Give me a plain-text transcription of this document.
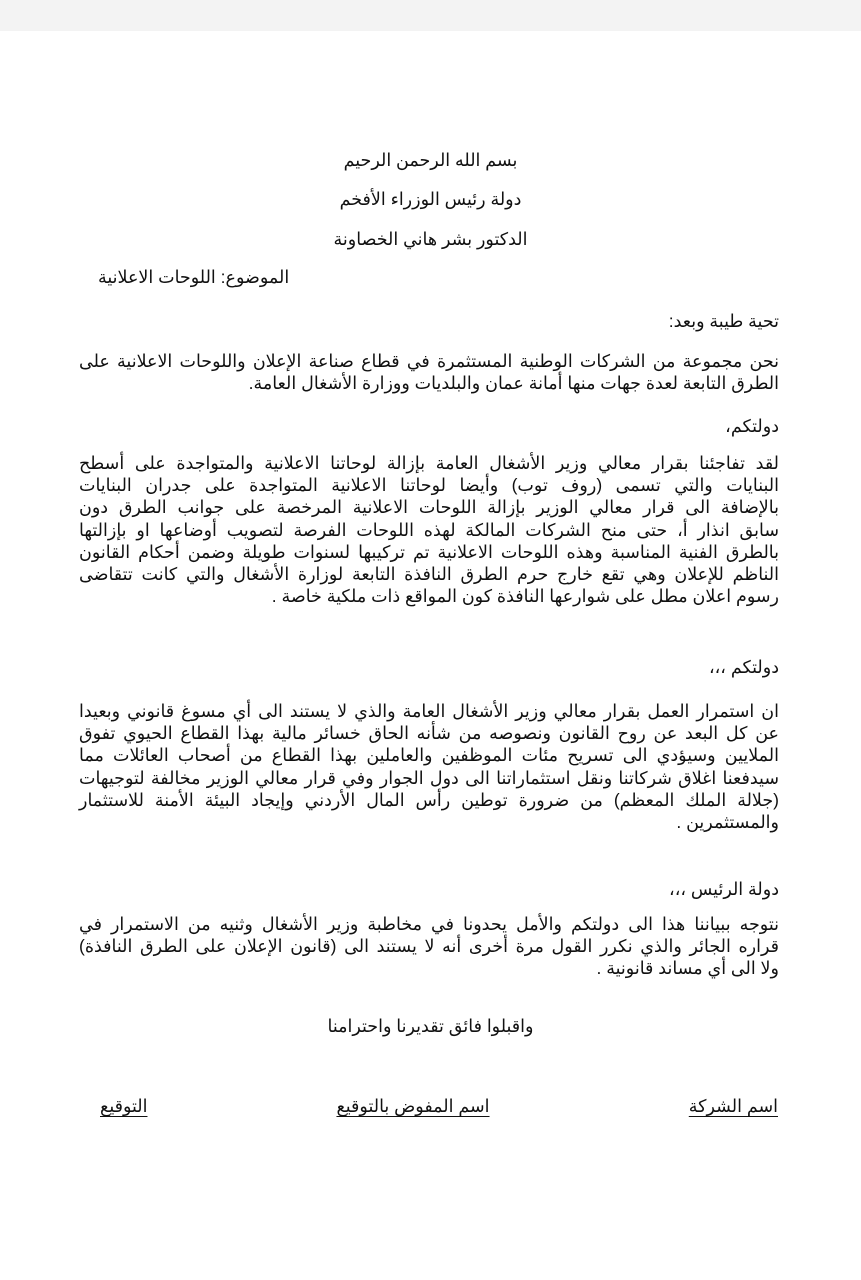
بسم الله الرحمن الرحيم
دولة رئيس الوزراء الأفخم
الدكتور بشر هاني الخصاونة
الموضوع: اللوحات الاعلانية
تحية طيبة وبعد:
نحن مجموعة من الشركات الوطنية المستثمرة في قطاع صناعة الإعلان واللوحات الاعلانية على
الطرق التابعة لعدة جهات منها أمانة عمان والبلديات ووزارة الأشغال العامة.
دولتكم،
لقد تفاجئنا بقرار معالي وزير الأشغال العامة بإزالة لوحاتنا الاعلانية والمتواجدة على أسطح
البنايات والتي تسمى (روف توب) وأيضا لوحاتنا الاعلانية المتواجدة على جدران البنايات
بالإضافة الى قرار معالي الوزير بإزالة اللوحات الاعلانية المرخصة على جوانب الطرق دون
سابق انذار أ، حتى منح الشركات المالكة لهذه اللوحات الفرصة لتصويب أوضاعها او بإزالتها
بالطرق الفنية المناسبة وهذه اللوحات الاعلانية تم تركيبها لسنوات طويلة وضمن أحكام القانون
الناظم للإعلان وهي تقع خارج حرم الطرق النافذة التابعة لوزارة الأشغال والتي كانت تتقاضى
رسوم اعلان مطل على شوارعها النافذة كون المواقع ذات ملكية خاصة .
دولتكم ،،،
ان استمرار العمل بقرار معالي وزير الأشغال العامة والذي لا يستند الى أي مسوغ قانوني وبعيدا
عن كل البعد عن روح القانون ونصوصه من شأنه الحاق خسائر مالية بهذا القطاع الحيوي تفوق
الملايين وسيؤدي الى تسريح مئات الموظفين والعاملين بهذا القطاع من أصحاب العائلات مما
سيدفعنا اغلاق شركاتنا ونقل استثماراتنا الى دول الجوار وفي قرار معالي الوزير مخالفة لتوجيهات
(جلالة الملك المعظم) من ضرورة توطين رأس المال الأردني وإيجاد البيئة الأمنة للاستثمار
والمستثمرين .
دولة الرئيس ،،،
نتوجه ببياننا هذا الى دولتكم والأمل يحدونا في مخاطبة وزير الأشغال وثنيه من الاستمرار في
قراره الجائر والذي نكرر القول مرة أخرى أنه لا يستند الى (قانون الإعلان على الطرق النافذة)
ولا الى أي مساند قانونية .
واقبلوا فائق تقديرنا واحترامنا
اسم الشركة
اسم المفوض بالتوقيع
التوقيع
